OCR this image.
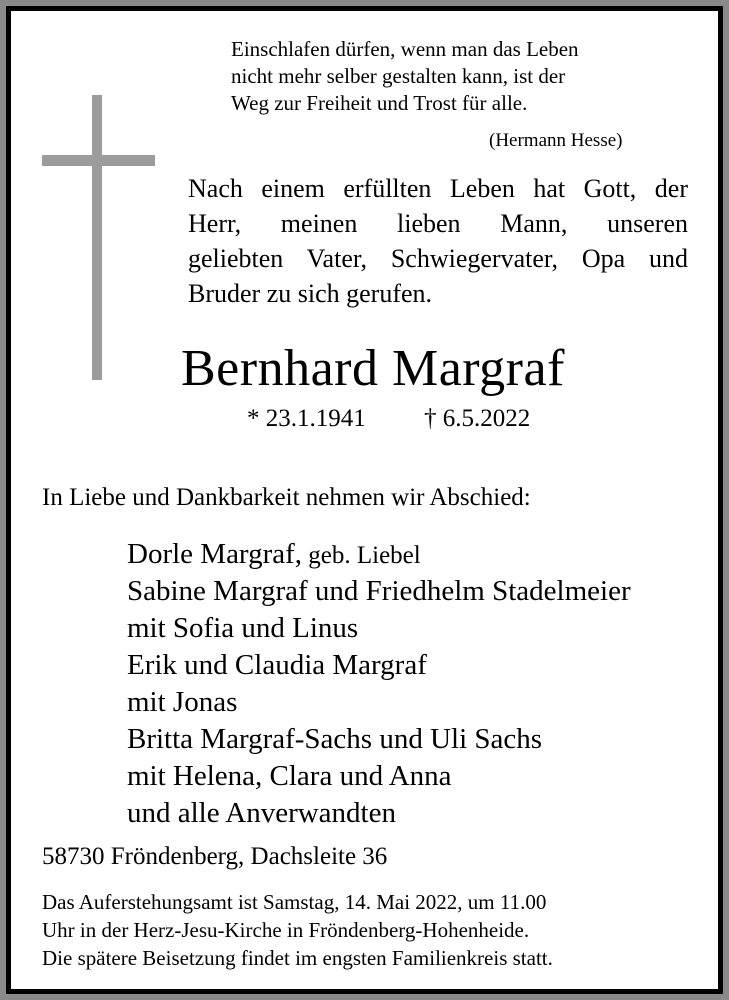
Einschlafen dürfen, wenn man das Leben
nicht mehr selber gestalten kann, ist der
Weg zur Freiheit und Trost für alle.
(Hermann Hesse)
Nach einem erfüllten Leben hat Gott, der
Herr, meinen lieben Mann, unseren
geliebten Vater, Schwiegervater, Opa und
Bruder zu sich gerufen.
Bernhard Margraf
* 23.1.1941 † 6.5.2022
In Liebe und Dankbarkeit nehmen wir Abschied:
Dorle Margraf, geb. Liebel
Sabine Margraf und Friedhelm Stadelmeier
mit Sofia und Linus
Erik und Claudia Margraf
mit Jonas
Britta Margraf-Sachs und Uli Sachs
mit Helena, Clara und Anna
und alle Anverwandten
58730 Fröndenberg, Dachsleite 36
Das Auferstehungsamt ist Samstag, 14. Mai 2022, um 11.00
Uhr in der Herz-Jesu-Kirche in Fröndenberg-Hohenheide.
Die spätere Beisetzung findet im engsten Familienkreis statt.
